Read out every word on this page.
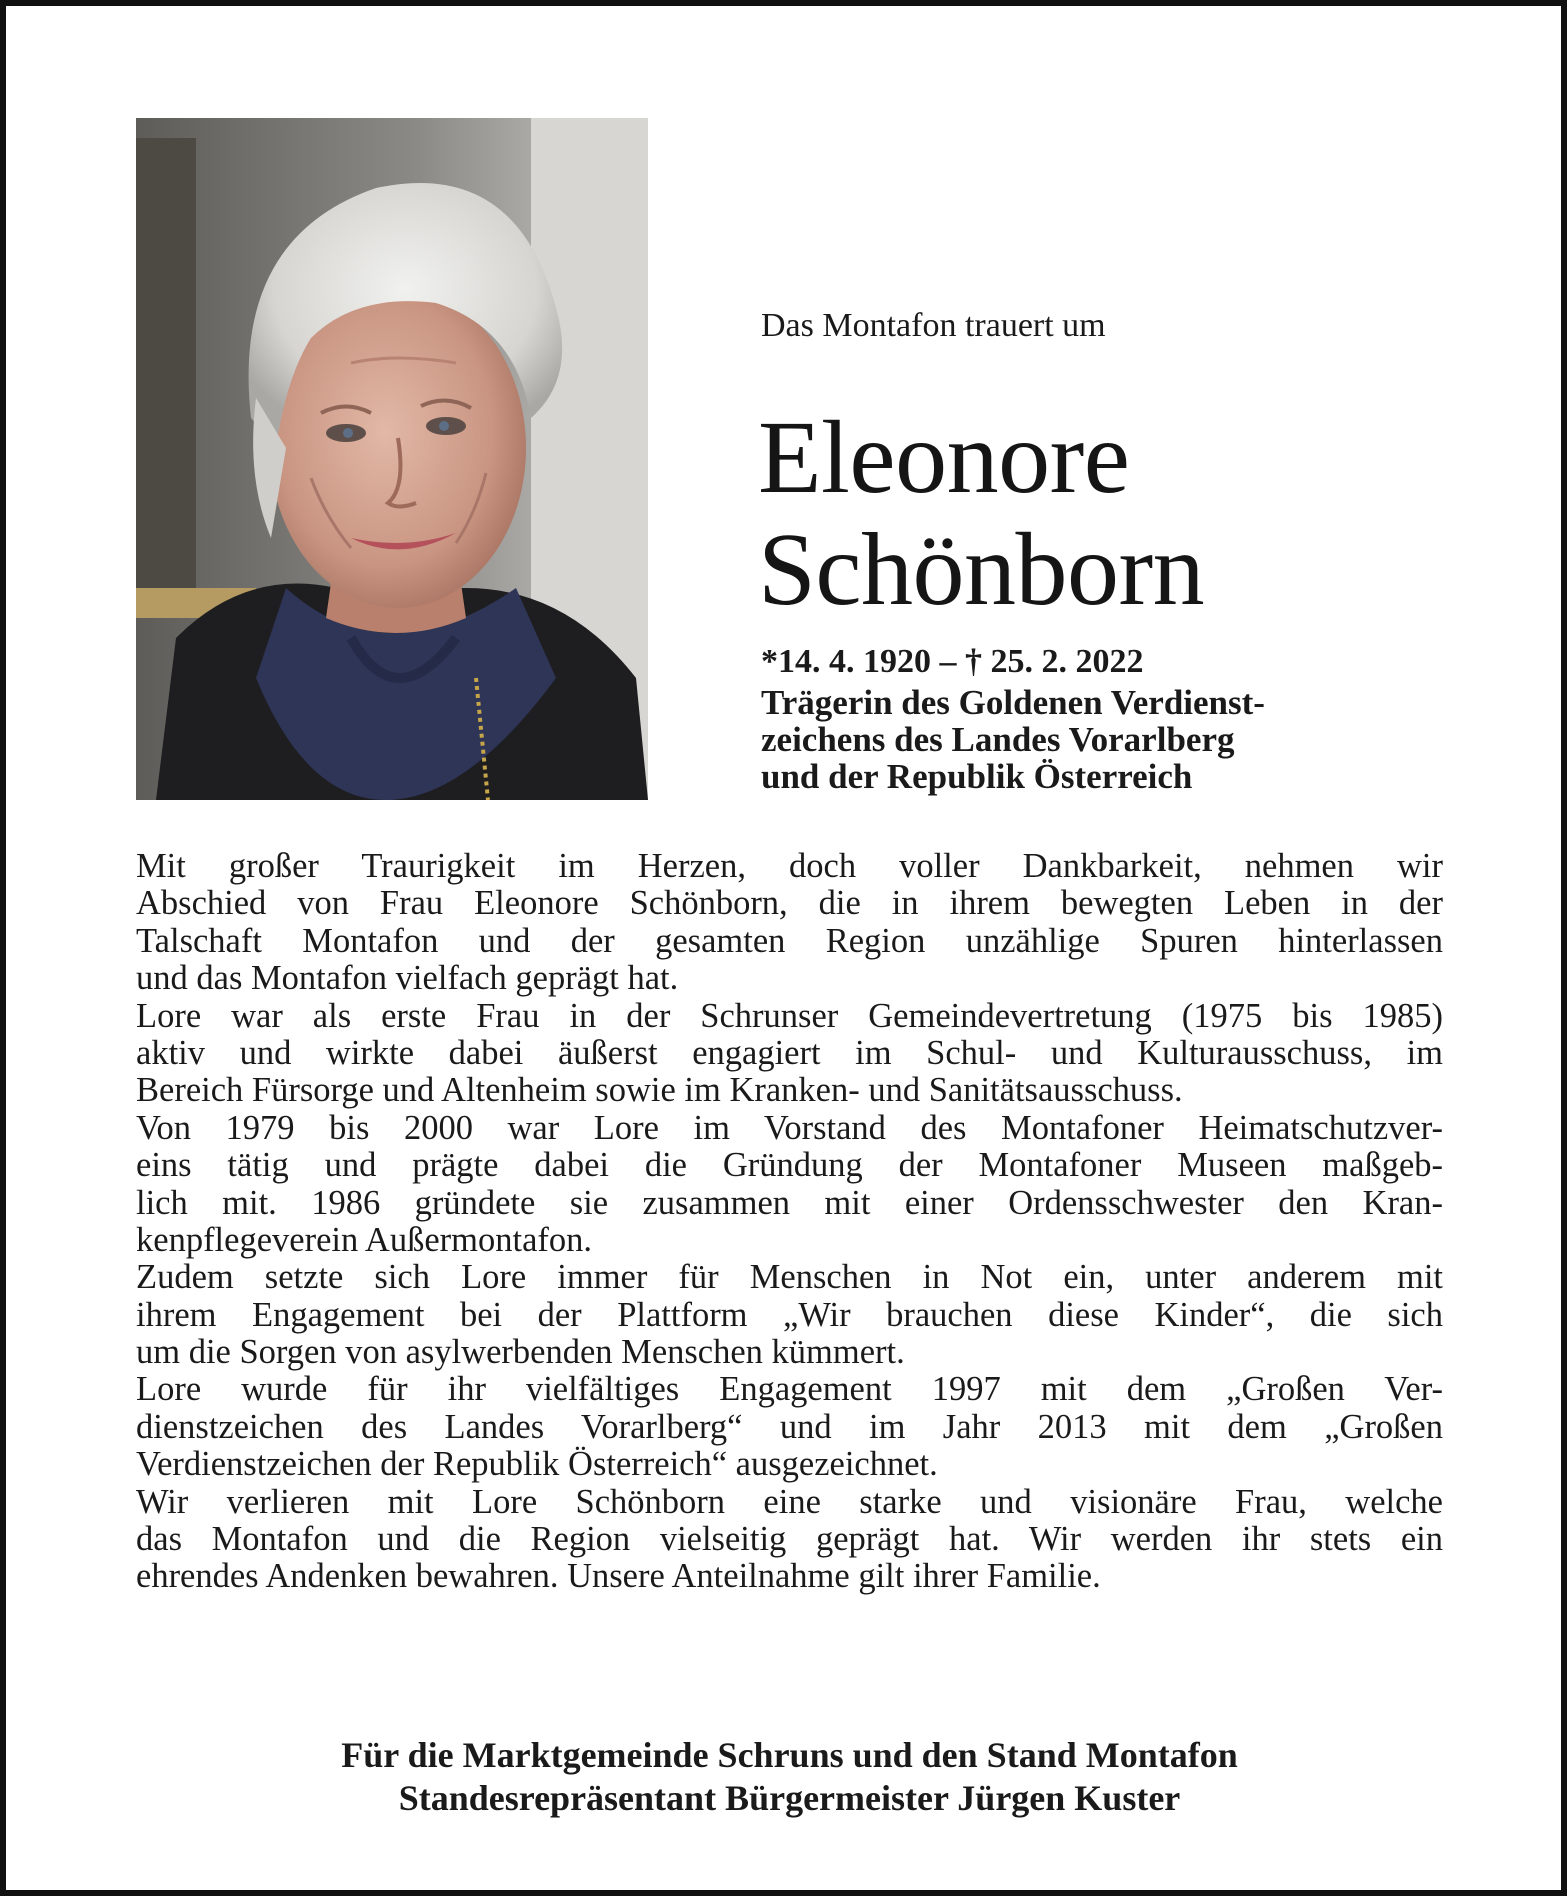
Das Montafon trauert um
Eleonore
Schönborn
*14. 4. 1920 – † 25. 2. 2022
Trägerin des Goldenen Verdienst-
zeichens des Landes Vorarlberg
und der Republik Österreich
Mit großer Traurigkeit im Herzen, doch voller Dankbarkeit, nehmen wir
Abschied von Frau Eleonore Schönborn, die in ihrem bewegten Leben in der
Talschaft Montafon und der gesamten Region unzählige Spuren hinterlassen
und das Montafon vielfach geprägt hat.
Lore war als erste Frau in der Schrunser Gemeindevertretung (1975 bis 1985)
aktiv und wirkte dabei äußerst engagiert im Schul- und Kulturausschuss, im
Bereich Fürsorge und Altenheim sowie im Kranken- und Sanitätsausschuss.
Von 1979 bis 2000 war Lore im Vorstand des Montafoner Heimatschutzver-
eins tätig und prägte dabei die Gründung der Montafoner Museen maßgeb-
lich mit. 1986 gründete sie zusammen mit einer Ordensschwester den Kran-
kenpflegeverein Außermontafon.
Zudem setzte sich Lore immer für Menschen in Not ein, unter anderem mit
ihrem Engagement bei der Plattform „Wir brauchen diese Kinder“, die sich
um die Sorgen von asylwerbenden Menschen kümmert.
Lore wurde für ihr vielfältiges Engagement 1997 mit dem „Großen Ver-
dienstzeichen des Landes Vorarlberg“ und im Jahr 2013 mit dem „Großen
Verdienstzeichen der Republik Österreich“ ausgezeichnet.
Wir verlieren mit Lore Schönborn eine starke und visionäre Frau, welche
das Montafon und die Region vielseitig geprägt hat. Wir werden ihr stets ein
ehrendes Andenken bewahren. Unsere Anteilnahme gilt ihrer Familie.
Für die Marktgemeinde Schruns und den Stand Montafon
Standesrepräsentant Bürgermeister Jürgen Kuster
